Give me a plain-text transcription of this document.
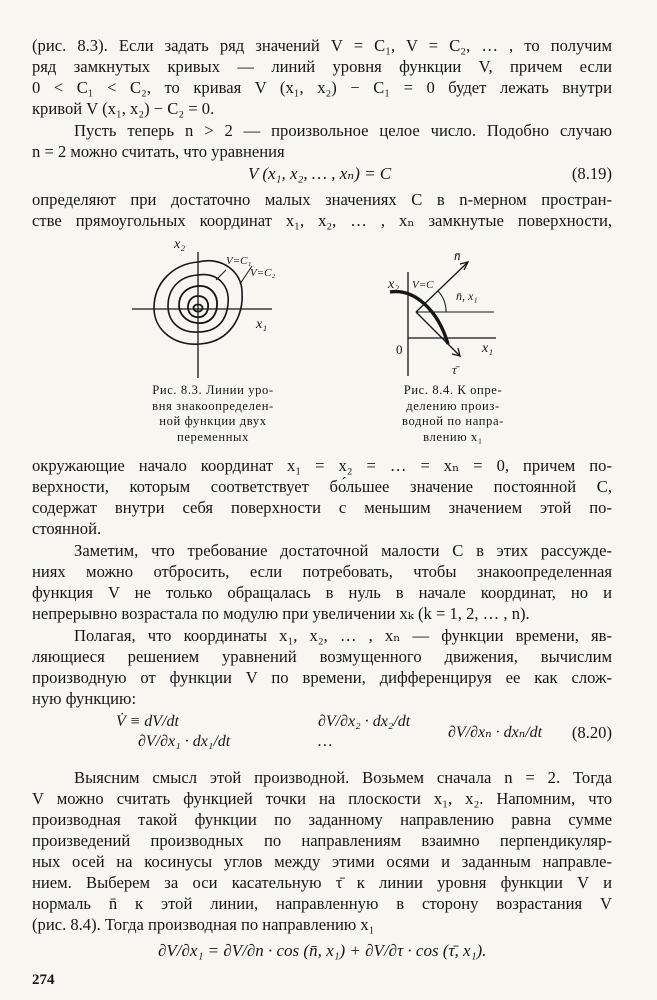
(рис. 8.3). Если задать ряд значений V = C₁, V = C₂, … , то получим
ряд замкнутых кривых — линий уровня функции V, причем если
0 < C₁ < C₂, то кривая V (x₁, x₂) − C₁ = 0 будет лежать внутри
кривой V (x₁, x₂) − C₂ = 0.
Пусть теперь n > 2 — произвольное целое число. Подобно случаю
n = 2 можно считать, что уравнения
V (x₁, x₂, … , xₙ) = C	(8.19)
определяют при достаточно малых значениях C в n-мерном простран-
стве прямоугольных координат x₁, x₂, … , xₙ замкнутые поверхности,
x₂
x₁
V=C₁
V=C₂
x₂ V=C
0	x₁
n̄
n̄, x₁
τ̄
Рис. 8.3. Линии уро-
вня знакоопределен-
ной функции двух
переменных
Рис. 8.4. К опре-
делению произ-
водной по напра-
влению x₁
окружающие начало координат x₁ = x₂ = … = xₙ = 0, причем по-
верхности, которым соответствует бо́льшее значение постоянной C,
содержат внутри себя поверхности с меньшим значением этой по-
стоянной.
Заметим, что требование достаточной малости C в этих рассужде-
ниях можно отбросить, если потребовать, чтобы знакоопределенная
функция V не только обращалась в нуль в начале координат, но и
непрерывно возрастала по модулю при увеличении xₖ (k = 1, 2, … , n).
Полагая, что координаты x₁, x₂, … , xₙ — функции времени, яв-
ляющиеся решением уравнений возмущенного движения, вычислим
производную от функции V по времени, дифференцируя ее как слож-
ную функцию:
V̇ ≡ dV/dt
∂V/∂x₁ · dx₁/dt
∂V/∂x₂ · dx₂/dt
…
∂V/∂xₙ · dxₙ/dt (8.20)
Выясним смысл этой производной. Возьмем сначала n = 2. Тогда
V можно считать функцией точки на плоскости x₁, x₂. Напомним, что
производная такой функции по заданному направлению равна сумме
произведений производных по направлениям взаимно перпендикуляр-
ных осей на косинусы углов между этими осями и заданным направле-
нием. Выберем за оси касательную τ̄ к линии уровня функции V и
нормаль n̄ к этой линии, направленную в сторону возрастания V
(рис. 8.4). Тогда производная по направлению x₁
∂V/∂x₁ = ∂V/∂n · cos (n̄, x₁) + ∂V/∂τ · cos (τ̄, x₁).
274
